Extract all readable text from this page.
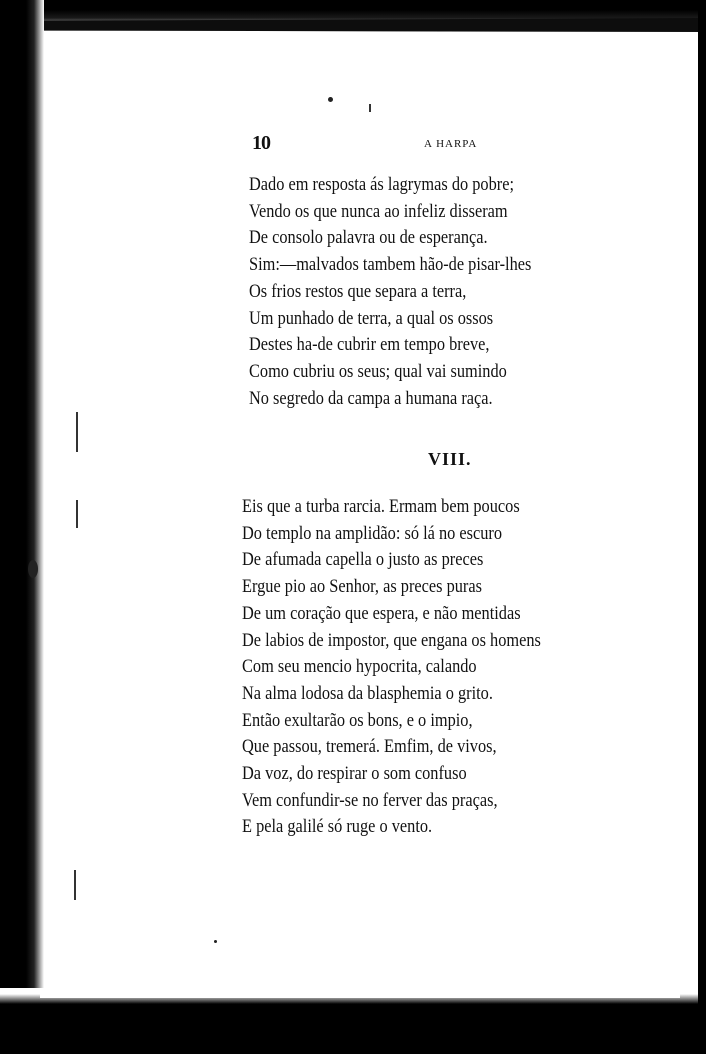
10	A HARPA
Dado em resposta ás lagrymas do pobre;
Vendo os que nunca ao infeliz disseram
De consolo palavra ou de esperança.
Sim:—malvados tambem hão-de pisar-lhes
Os frios restos que separa a terra,
Um punhado de terra, a qual os ossos
Destes ha-de cubrir em tempo breve,
Como cubriu os seus; qual vai sumindo
No segredo da campa a humana raça.
VIII.
Eis que a turba rarcia. Ermam bem poucos
Do templo na amplidão: só lá no escuro
De afumada capella o justo as preces
Ergue pio ao Senhor, as preces puras
De um coração que espera, e não mentidas
De labios de impostor, que engana os homens
Com seu mencio hypocrita, calando
Na alma lodosa da blasphemia o grito.
Então exultarão os bons, e o impio,
Que passou, tremerá. Emfim, de vivos,
Da voz, do respirar o som confuso
Vem confundir-se no ferver das praças,
E pela galilé só ruge o vento.
